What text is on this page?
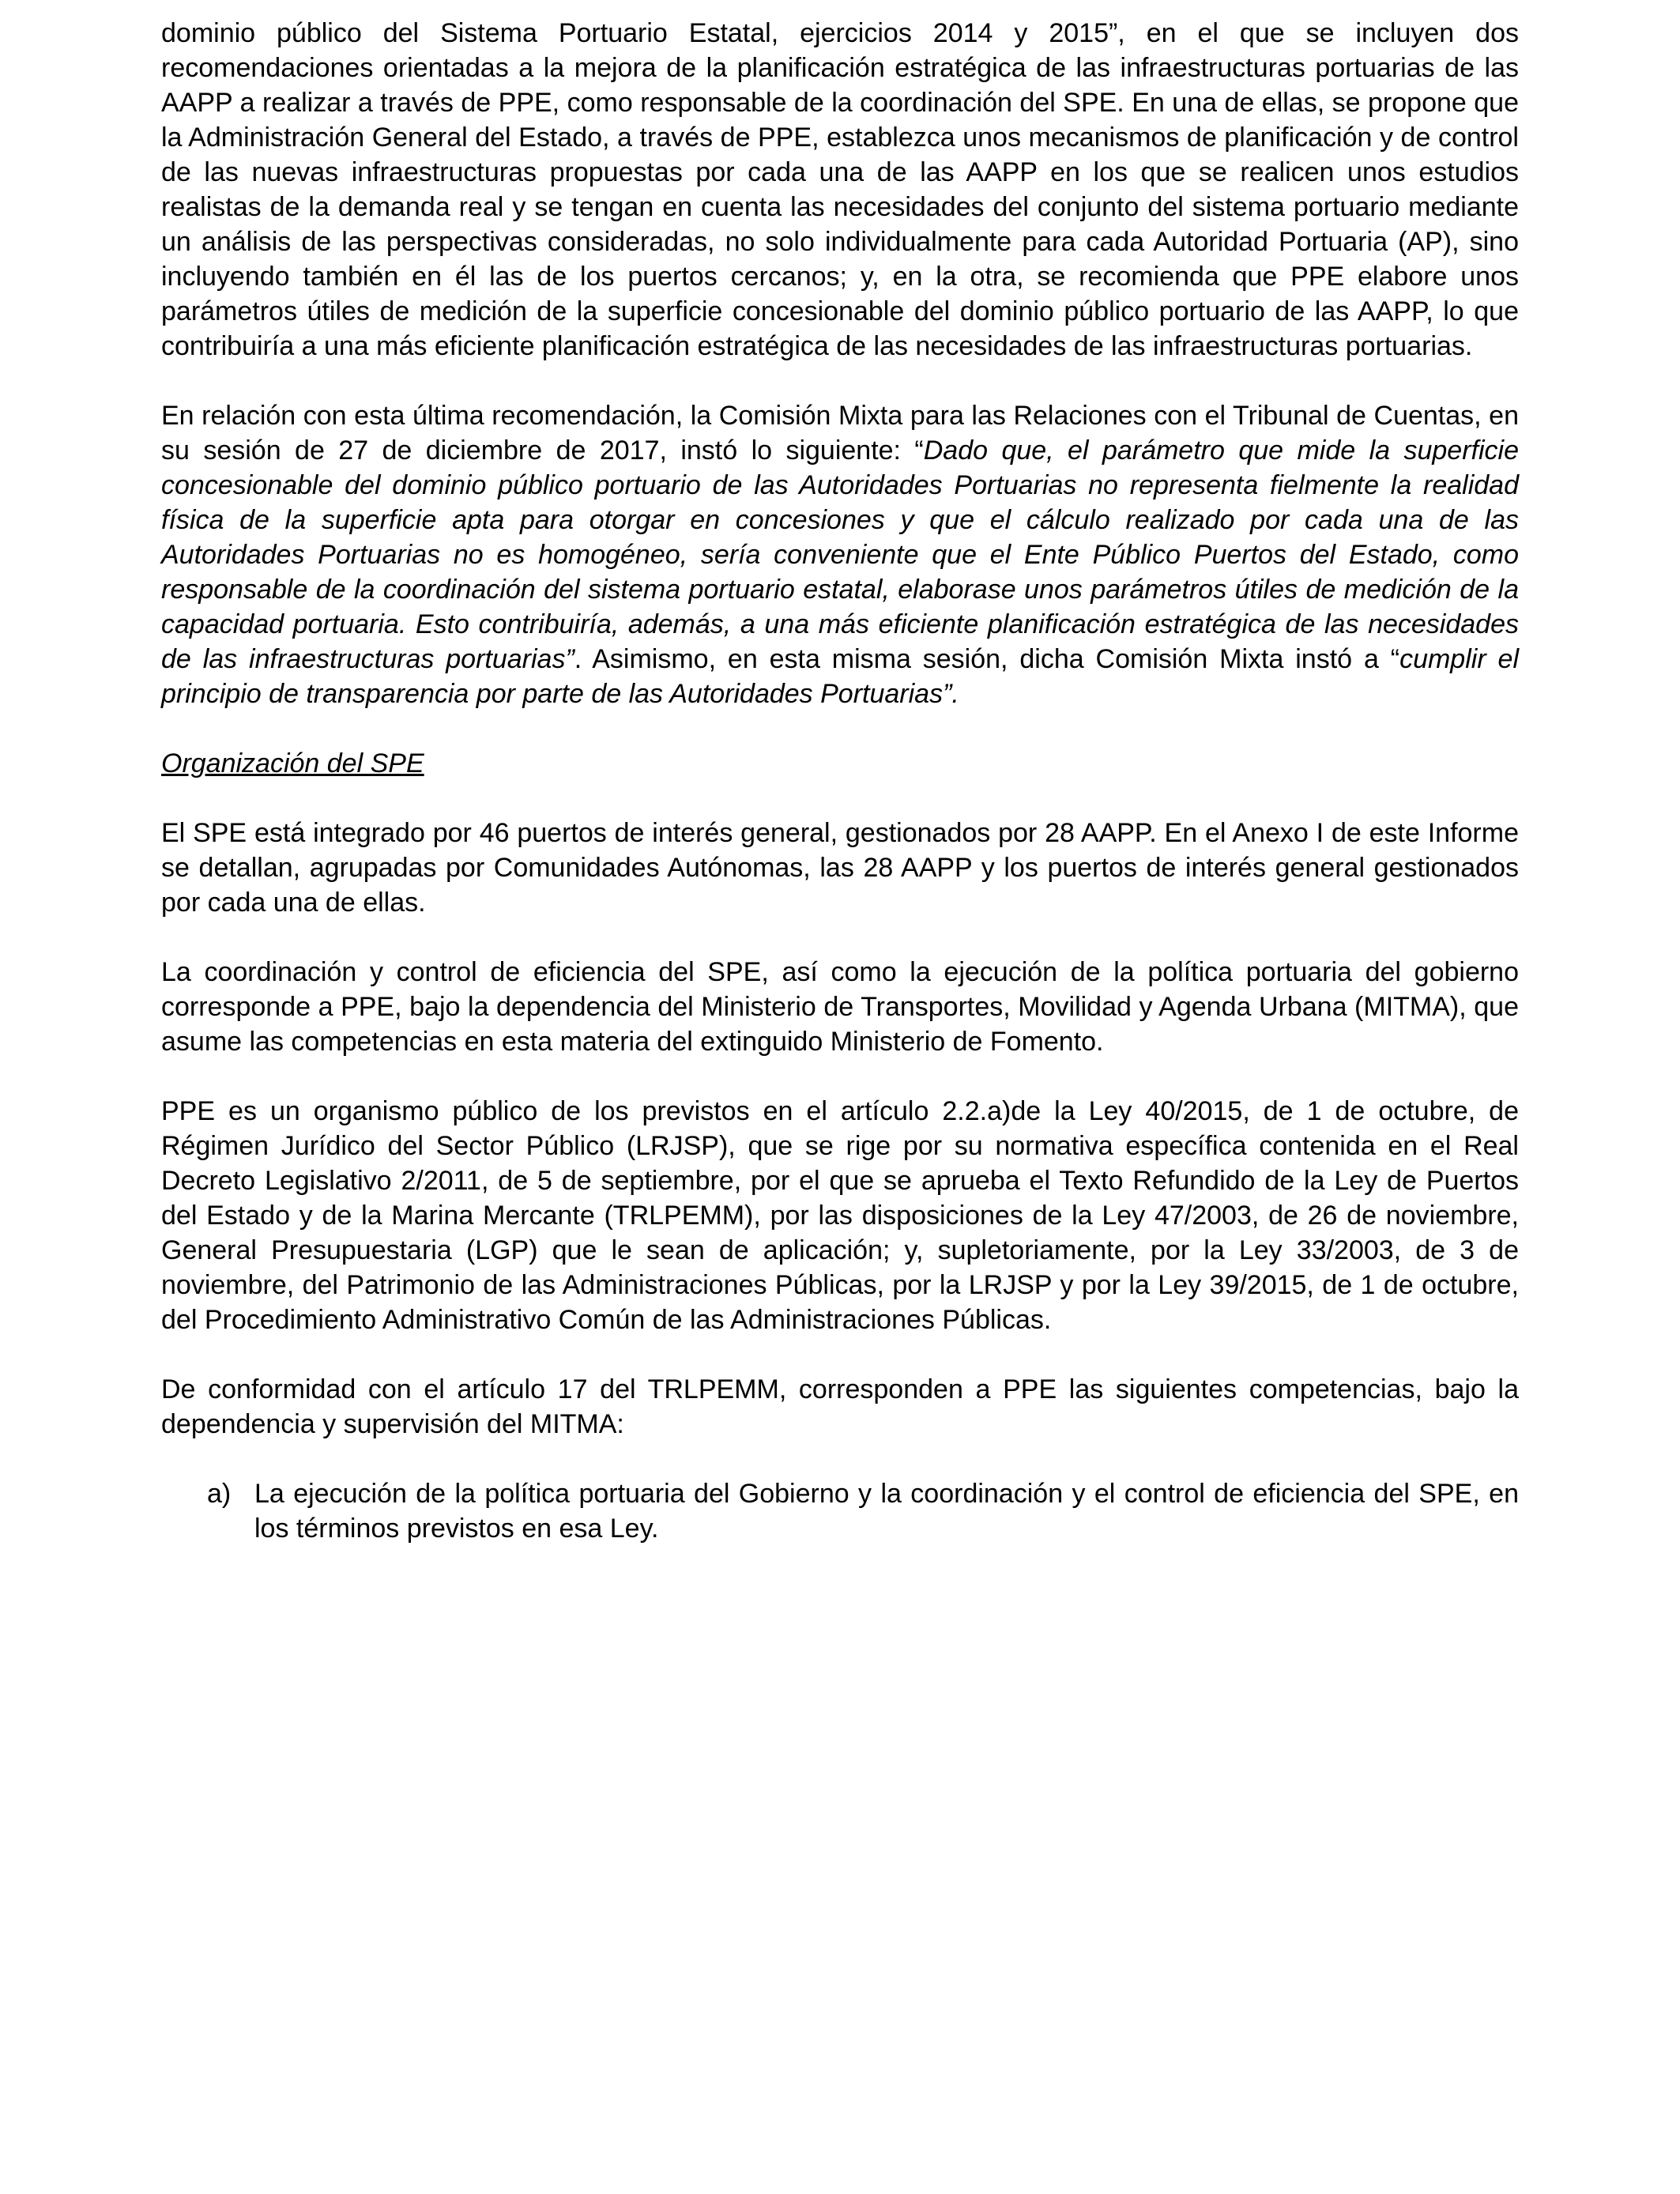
dominio público del Sistema Portuario Estatal, ejercicios 2014 y 2015”, en el que se incluyen dos recomendaciones orientadas a la mejora de la planificación estratégica de las infraestructuras portuarias de las AAPP a realizar a través de PPE, como responsable de la coordinación del SPE. En una de ellas, se propone que la Administración General del Estado, a través de PPE, establezca unos mecanismos de planificación y de control de las nuevas infraestructuras propuestas por cada una de las AAPP en los que se realicen unos estudios realistas de la demanda real y se tengan en cuenta las necesidades del conjunto del sistema portuario mediante un análisis de las perspectivas consideradas, no solo individualmente para cada Autoridad Portuaria (AP), sino incluyendo también en él las de los puertos cercanos; y, en la otra, se recomienda que PPE elabore unos parámetros útiles de medición de la superficie concesionable del dominio público portuario de las AAPP, lo que contribuiría a una más eficiente planificación estratégica de las necesidades de las infraestructuras portuarias.

En relación con esta última recomendación, la Comisión Mixta para las Relaciones con el Tribunal de Cuentas, en su sesión de 27 de diciembre de 2017, instó lo siguiente: “Dado que, el parámetro que mide la superficie concesionable del dominio público portuario de las Autoridades Portuarias no representa fielmente la realidad física de la superficie apta para otorgar en concesiones y que el cálculo realizado por cada una de las Autoridades Portuarias no es homogéneo, sería conveniente que el Ente Público Puertos del Estado, como responsable de la coordinación del sistema portuario estatal, elaborase unos parámetros útiles de medición de la capacidad portuaria. Esto contribuiría, además, a una más eficiente planificación estratégica de las necesidades de las infraestructuras portuarias”. Asimismo, en esta misma sesión, dicha Comisión Mixta instó a “cumplir el principio de transparencia por parte de las Autoridades Portuarias”.

Organización del SPE

El SPE está integrado por 46 puertos de interés general, gestionados por 28 AAPP. En el Anexo I de este Informe se detallan, agrupadas por Comunidades Autónomas, las 28 AAPP y los puertos de interés general gestionados por cada una de ellas.

La coordinación y control de eficiencia del SPE, así como la ejecución de la política portuaria del gobierno corresponde a PPE, bajo la dependencia del Ministerio de Transportes, Movilidad y Agenda Urbana (MITMA), que asume las competencias en esta materia del extinguido Ministerio de Fomento.

PPE es un organismo público de los previstos en el artículo 2.2.a)de la Ley 40/2015, de 1 de octubre, de Régimen Jurídico del Sector Público (LRJSP), que se rige por su normativa específica contenida en el Real Decreto Legislativo 2/2011, de 5 de septiembre, por el que se aprueba el Texto Refundido de la Ley de Puertos del Estado y de la Marina Mercante (TRLPEMM), por las disposiciones de la Ley 47/2003, de 26 de noviembre, General Presupuestaria (LGP) que le sean de aplicación; y, supletoriamente, por la Ley 33/2003, de 3 de noviembre, del Patrimonio de las Administraciones Públicas, por la LRJSP y por la Ley 39/2015, de 1 de octubre, del Procedimiento Administrativo Común de las Administraciones Públicas.

De conformidad con el artículo 17 del TRLPEMM, corresponden a PPE las siguientes competencias, bajo la dependencia y supervisión del MITMA:

a) La ejecución de la política portuaria del Gobierno y la coordinación y el control de eficiencia del SPE, en los términos previstos en esa Ley.
